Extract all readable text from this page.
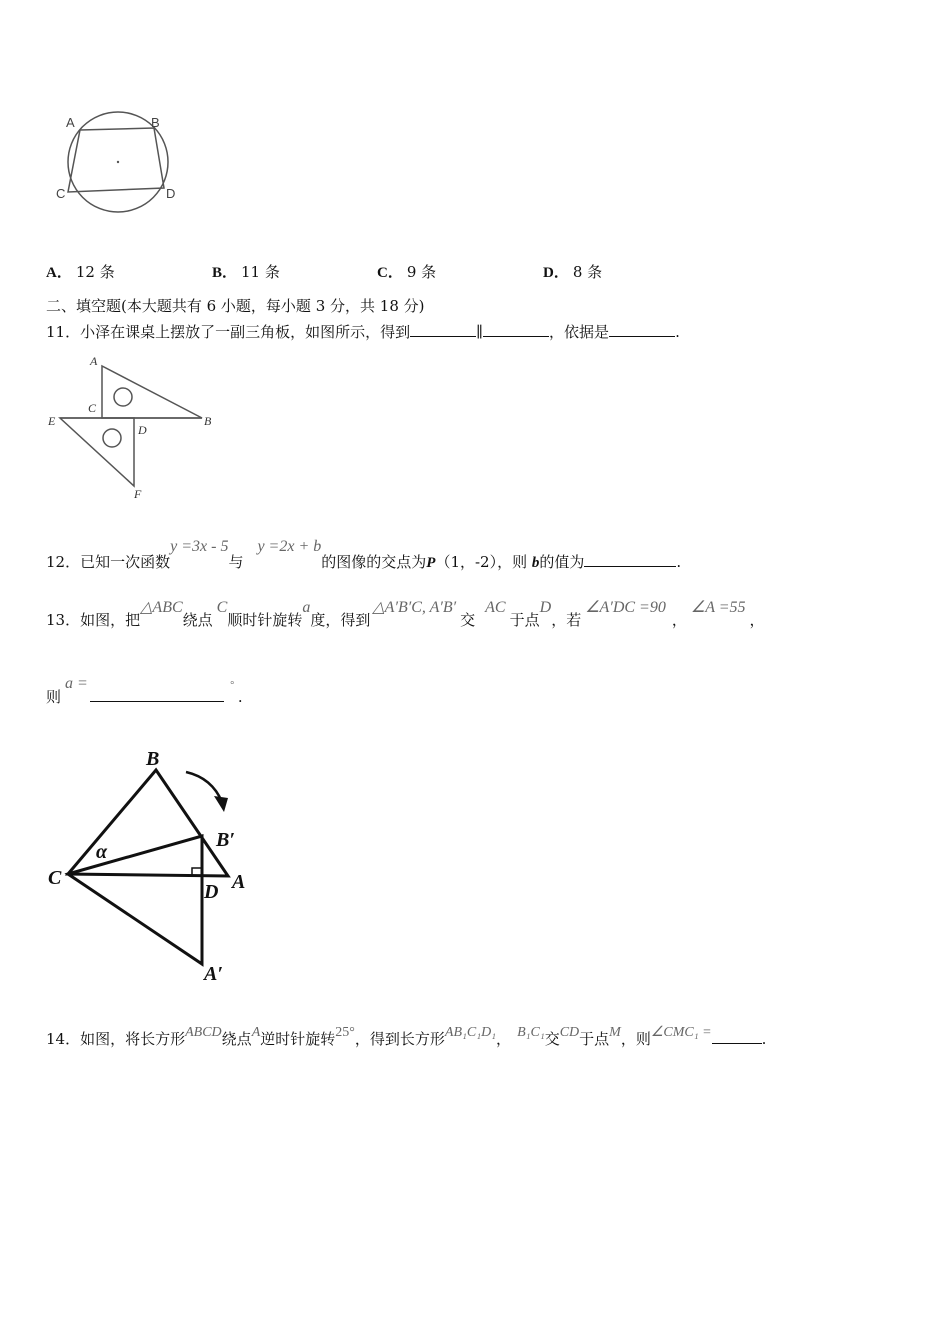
A	B
C	D
A． 12 条	B． 11 条	C． 9 条	D． 8 条
二、填空题(本大题共有 6 小题，每小题 3 分，共 18 分)
11．小泽在课桌上摆放了一副三角板，如图所示，得到	∥	，依据是	.
A
C
B
E
D
F
12．已知一次函数y =3x - 5与y =2x + b的图像的交点为P（1，-2），则 b的值为	.
13．如图，把△ABC绕点C顺时针旋转a度，得到△A′B′C, A′B′交AC于点D，若∠A′DC =90，∠A =55，
则a =	°.
B
B′
α
C
D A
A′
14．如图，将长方形ABCD绕点A逆时针旋转25°，得到长方形AB₁C₁D₁， B₁C₁交CD于点M，则∠CMC₁ =	.
